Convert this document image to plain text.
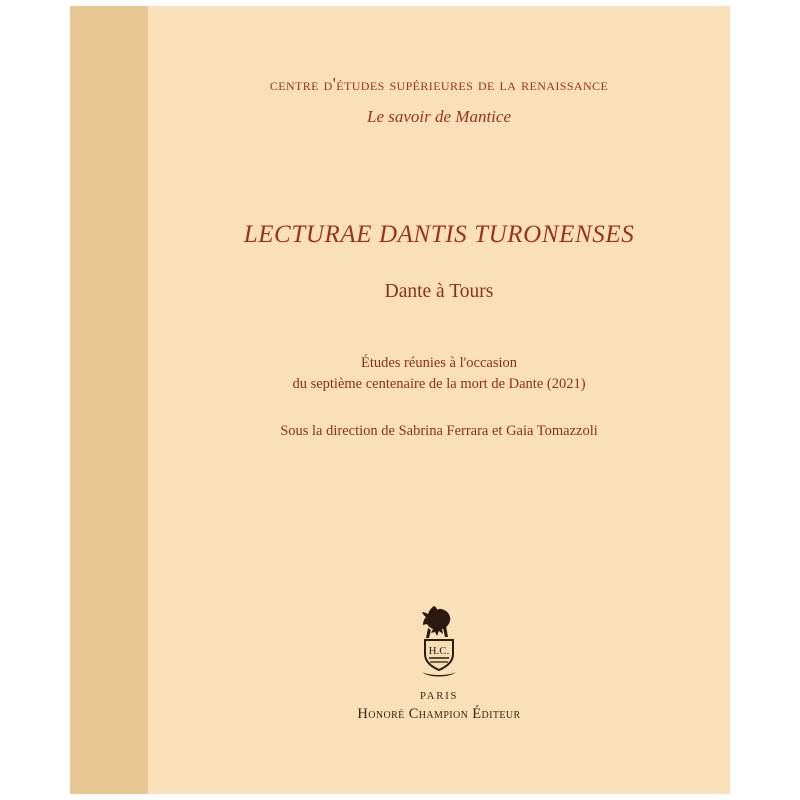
centre d'études supérieures de la renaissance
Le savoir de Mantice
LECTURAE DANTIS TURONENSES
Dante à Tours
Études réunies à l'occasion
du septième centenaire de la mort de Dante (2021)
Sous la direction de Sabrina Ferrara et Gaia Tomazzoli
H.C.
PARIS
Honoré Champion Éditeur
